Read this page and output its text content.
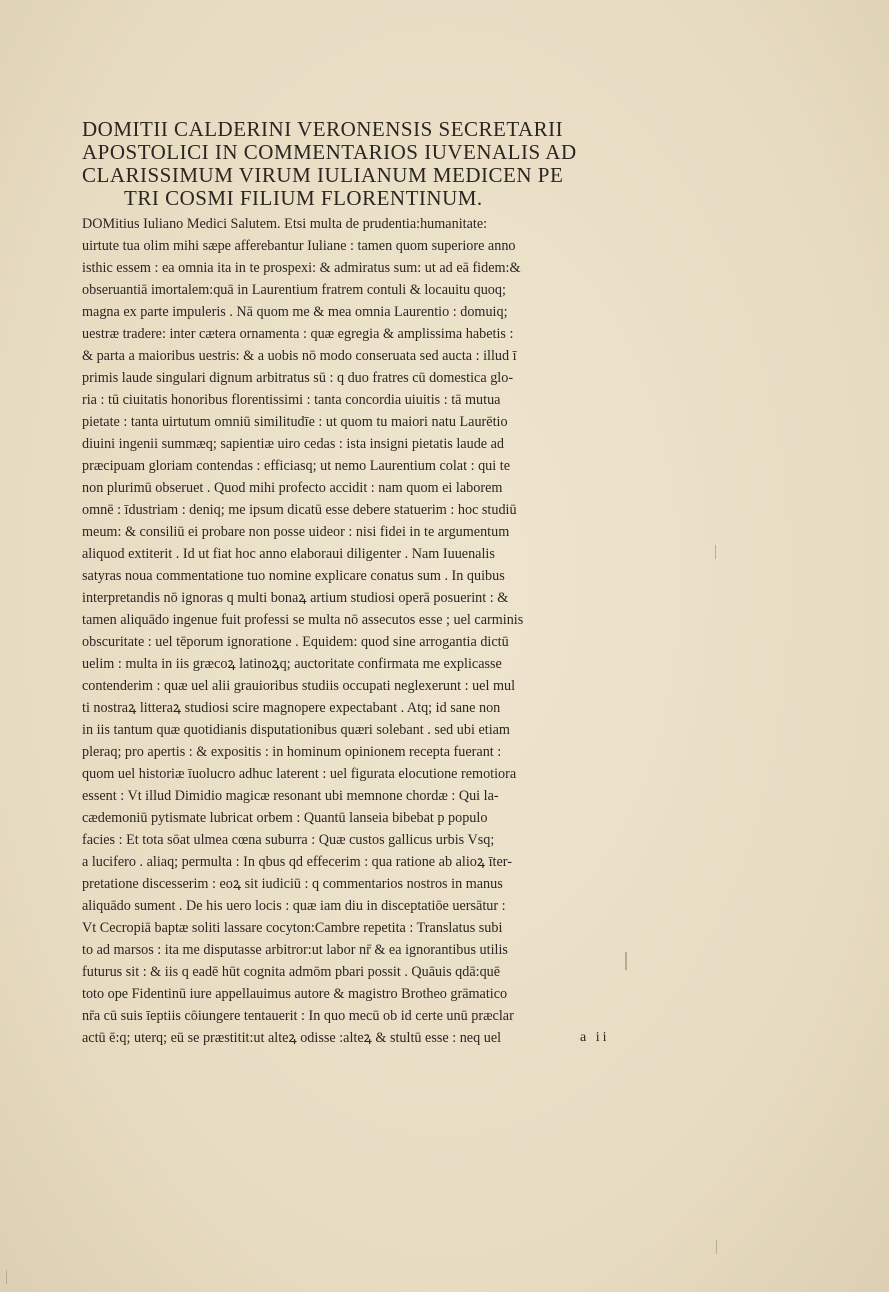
DOMITII CALDERINI VERONENSIS SECRETARII
APOSTOLICI IN COMMENTARIOS IUVENALIS AD
CLARISSIMUM VIRUM IULIANUM MEDICEN PE
TRI COSMI FILIUM FLORENTINUM.
DOMitius Iuliano Medici Salutem. Etsi multa de prudentia:humanitate:
uirtute tua olim mihi sæpe afferebantur Iuliane : tamen quom superiore anno
isthic essem : ea omnia ita in te prospexi: & admiratus sum: ut ad eā fidem:&
obseruantiā imortalem:quā in Laurentium fratrem contuli & locauitu quoq;
magna ex parte impuleris . Nā quom me & mea omnia Laurentio : domuiq;
uestræ tradere: inter cætera ornamenta : quæ egregia & amplissima habetis :
& parta a maioribus uestris: & a uobis nō modo conseruata sed aucta : illud ī
primis laude singulari dignum arbitratus sū : q duo fratres cū domestica glo-
ria : tū ciuitatis honoribus florentissimi : tanta concordia uiuitis : tā mutua
pietate : tanta uirtutum omniū similitudīe : ut quom tu maiori natu Laurētio
diuini ingenii summæq; sapientiæ uiro cedas : ista insigni pietatis laude ad
præcipuam gloriam contendas : efficiasq; ut nemo Laurentium colat : qui te
non plurimū obseruet . Quod mihi profecto accidit : nam quom ei laborem
omnē : īdustriam : deniq; me ipsum dicatū esse debere statuerim : hoc studiū
meum: & consiliū ei probare non posse uideor : nisi fidei in te argumentum
aliquod extiterit . Id ut fiat hoc anno elaboraui diligenter . Nam Iuuenalis
satyras noua commentatione tuo nomine explicare conatus sum . In quibus
interpretandis nō ignoras q multi bonaꝝ artium studiosi operā posuerint : &
tamen aliquādo ingenue fuit professi se multa nō assecutos esse ; uel carminis
obscuritate : uel tēporum ignoratione . Equidem: quod sine arrogantia dictū
uelim : multa in iis græcoꝝ latinoꝝq; auctoritate confirmata me explicasse
contenderim : quæ uel alii grauioribus studiis occupati neglexerunt : uel mul
ti nostraꝝ litteraꝝ studiosi scire magnopere expectabant . Atq; id sane non
in iis tantum quæ quotidianis disputationibus quæri solebant . sed ubi etiam
pleraq; pro apertis : & expositis : in hominum opinionem recepta fuerant :
quom uel historiæ īuolucro adhuc laterent : uel figurata elocutione remotiora
essent : Vt illud Dimidio magicæ resonant ubi memnone chordæ : Qui la-
cædemoniū pytismate lubricat orbem : Quantū lanseia bibebat p populo
facies : Et tota sōat ulmea cœna suburra : Quæ custos gallicus urbis Vsq;
a lucifero . aliaq; permulta : In qbus qd effecerim : qua ratione ab alioꝝ īter-
pretatione discesserim : eoꝝ sit iudiciū : q commentarios nostros in manus
aliquādo sument . De his uero locis : quæ iam diu in disceptatiōe uersātur :
Vt Cecropiā baptæ soliti lassare cocyton:Cambre repetita : Translatus subi
to ad marsos : ita me disputasse arbitror:ut labor nr̄ & ea ignorantibus utilis
futurus sit : & iis q eadē hūt cognita admōm pbari possit . Quāuis qdā:quē
toto ope Fidentinū iure appellauimus autore & magistro Brotheo grāmatico
nr̄a cū suis īeptiis cōiungere tentauerit : In quo mecū ob id certe unū præclar
actū ē:q; uterq; eū se præstitit:ut alteꝝ odisse :alteꝝ & stultū esse : neq uel	a ii
